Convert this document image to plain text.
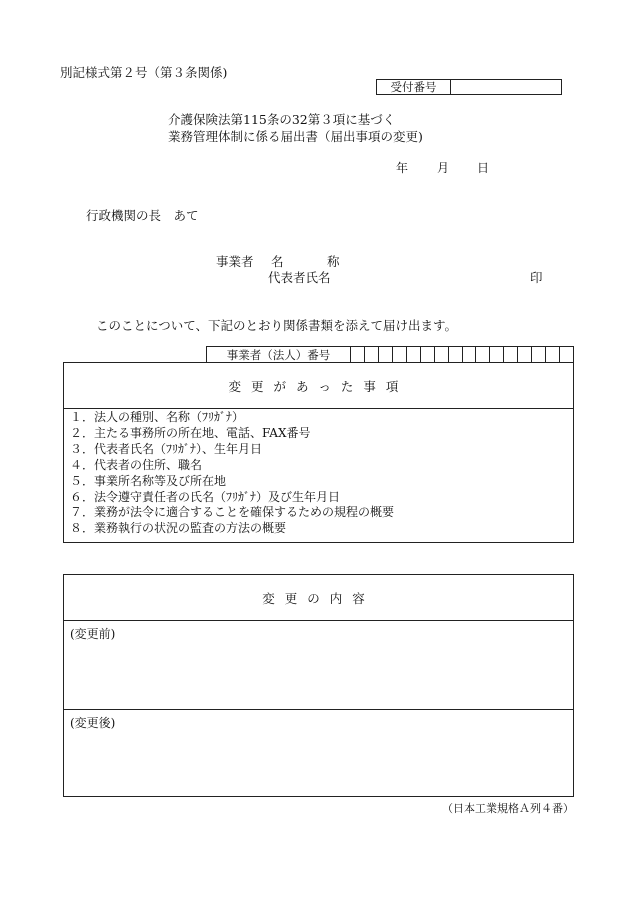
別記様式第２号（第３条関係)
受付番号
介護保険法第115条の32第３項に基づく
業務管理体制に係る届出書（届出事項の変更)
年 月 日
行政機関の長　あて
事業者 名	称
代表者氏名	印
このことについて、下記のとおり関係書類を添えて届け出ます。
事業者（法人）番号
変更があった事項
１．法人の種別、名称（ﾌﾘｶﾞﾅ）
２．主たる事務所の所在地、電話、FAX番号
３．代表者氏名（ﾌﾘｶﾞﾅ）、生年月日
４．代表者の住所、職名
５．事業所名称等及び所在地
６．法令遵守責任者の氏名（ﾌﾘｶﾞﾅ）及び生年月日
７．業務が法令に適合することを確保するための規程の概要
８．業務執行の状況の監査の方法の概要
変更の内容
(変更前)
(変更後)
（日本工業規格Ａ列４番）
